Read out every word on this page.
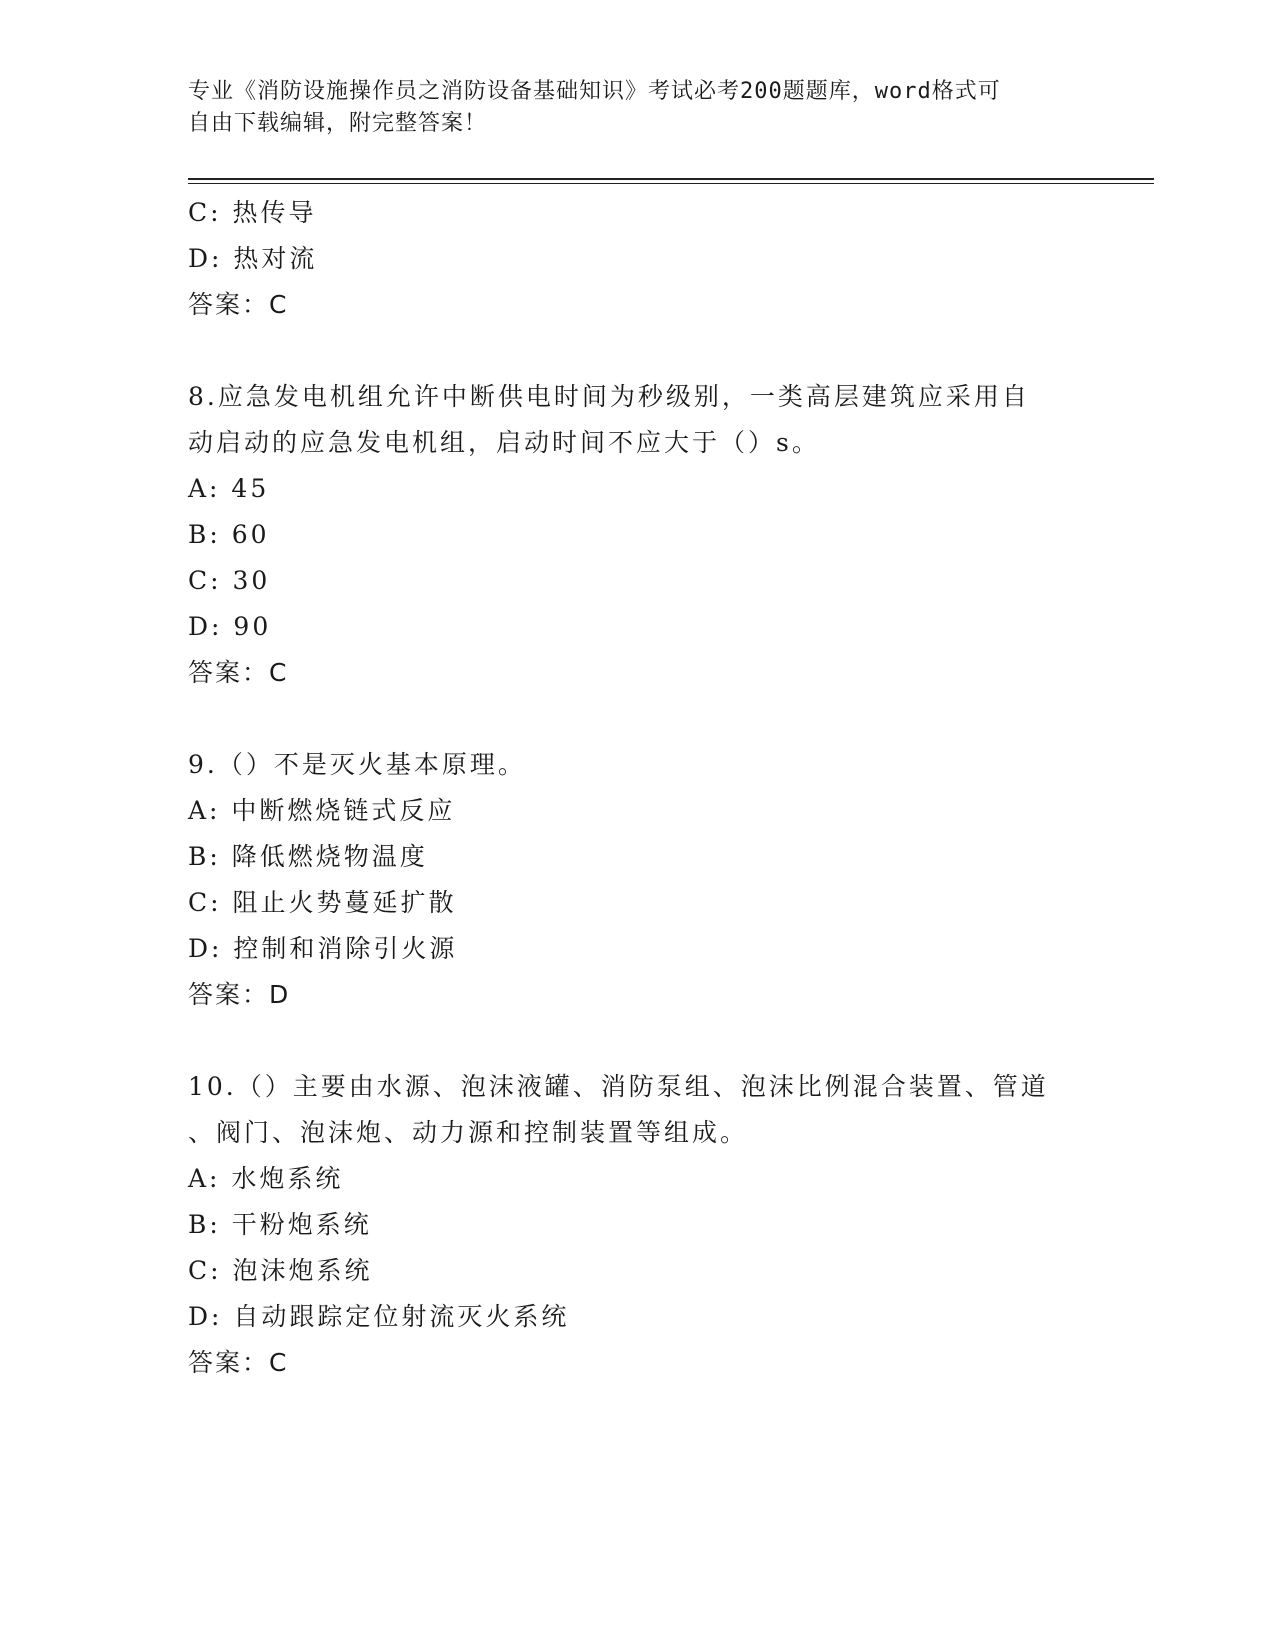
专业《消防设施操作员之消防设备基础知识》考试必考200题题库，word格式可
自由下载编辑，附完整答案！
C: 热传导
D: 热对流
答案：C
8.应急发电机组允许中断供电时间为秒级别，一类高层建筑应采用自
动启动的应急发电机组，启动时间不应大于（）s。
A: 45
B: 60
C: 30
D: 90
答案：C
9.（）不是灭火基本原理。
A: 中断燃烧链式反应
B: 降低燃烧物温度
C: 阻止火势蔓延扩散
D: 控制和消除引火源
答案：D
10.（）主要由水源、泡沫液罐、消防泵组、泡沫比例混合装置、管道
、阀门、泡沫炮、动力源和控制装置等组成。
A: 水炮系统
B: 干粉炮系统
C: 泡沫炮系统
D: 自动跟踪定位射流灭火系统
答案：C
